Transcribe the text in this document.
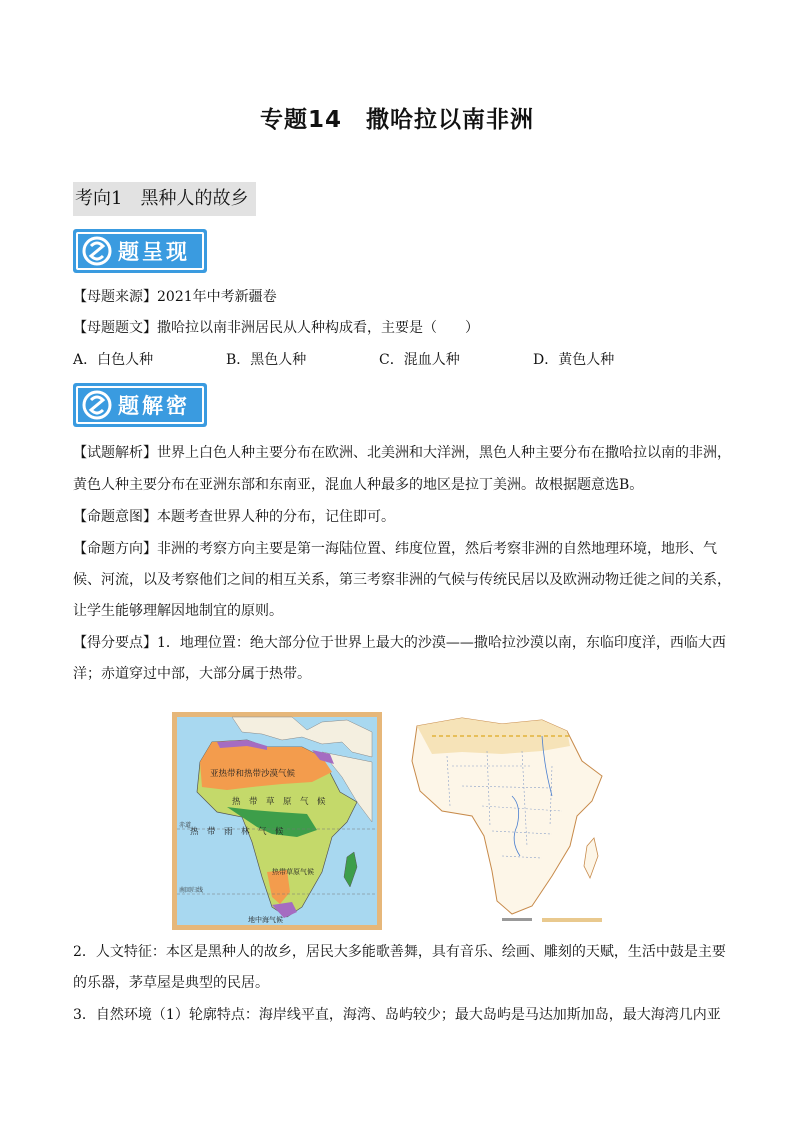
专题14　撒哈拉以南非洲
考向1　黑种人的故乡
题呈现
【母题来源】2021年中考新疆卷
【母题题文】撒哈拉以南非洲居民从人种构成看，主要是（　　）
A．白色人种	B．黑色人种	C．混血人种	D．黄色人种
题解密
【试题解析】世界上白色人种主要分布在欧洲、北美洲和大洋洲，黑色人种主要分布在撒哈拉以南的非洲，
黄色人种主要分布在亚洲东部和东南亚，混血人种最多的地区是拉丁美洲。故根据题意选B。
【命题意图】本题考查世界人种的分布，记住即可。
【命题方向】非洲的考察方向主要是第一海陆位置、纬度位置，然后考察非洲的自然地理环境，地形、气
候、河流，以及考察他们之间的相互关系，第三考察非洲的气候与传统民居以及欧洲动物迁徙之间的关系，
让学生能够理解因地制宜的原则。
【得分要点】1．地理位置：绝大部分位于世界上最大的沙漠——撒哈拉沙漠以南，东临印度洋，西临大西
洋；赤道穿过中部，大部分属于热带。
亚热带和热带沙漠气候
热　带　草　原　气　候
热　带　雨　林　气　候
热带草原气候
地中海气候
赤道
南回归线
2．人文特征：本区是黑种人的故乡，居民大多能歌善舞，具有音乐、绘画、雕刻的天赋，生活中鼓是主要
的乐器，茅草屋是典型的民居。
3．自然环境（1）轮廓特点：海岸线平直，海湾、岛屿较少；最大岛屿是马达加斯加岛，最大海湾几内亚
